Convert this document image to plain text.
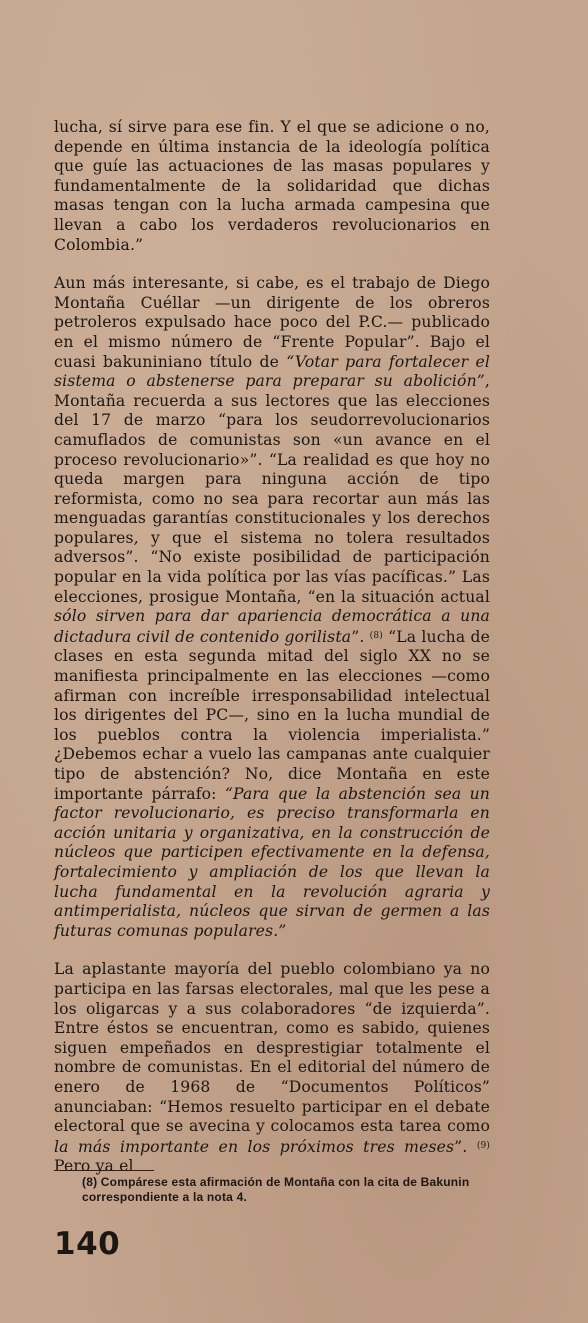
lucha, sí sirve para ese fin. Y el que se adicione o no, depende en última instancia de la ideología política que guíe las actuaciones de las masas populares y fundamentalmente de la solidaridad que dichas masas tengan con la lucha armada campesina que llevan a cabo los verdaderos revolucionarios en Colombia.”

Aun más interesante, si cabe, es el trabajo de Diego Montaña Cuéllar —un dirigente de los obreros petroleros expulsado hace poco del P.C.— publicado en el mismo número de “Frente Popular”. Bajo el cuasi bakuniniano título de “Votar para fortalecer el sistema o abstenerse para preparar su abolición”, Montaña recuerda a sus lectores que las elecciones del 17 de marzo “para los seudorrevolucionarios camuflados de comunistas son «un avance en el proceso revolucionario»”. “La realidad es que hoy no queda margen para ninguna acción de tipo reformista, como no sea para recortar aun más las menguadas garantías constitucionales y los derechos populares, y que el sistema no tolera resultados adversos”. “No existe posibilidad de participación popular en la vida política por las vías pacíficas.” Las elecciones, prosigue Montaña, “en la situación actual sólo sirven para dar apariencia democrática a una dictadura civil de contenido gorilista”. $^{(8)}$ “La lucha de clases en esta segunda mitad del siglo XX no se manifiesta principalmente en las elecciones —como afirman con increíble irresponsabilidad intelectual los dirigentes del PC—, sino en la lucha mundial de los pueblos contra la violencia imperialista.” ¿Debemos echar a vuelo las campanas ante cualquier tipo de abstención? No, dice Montaña en este importante párrafo: “Para que la abstención sea un factor revolucionario, es preciso transformarla en acción unitaria y organizativa, en la construcción de núcleos que participen efectivamente en la defensa, fortalecimiento y ampliación de los que llevan la lucha fundamental en la revolución agraria y antimperialista, núcleos que sirvan de germen a las futuras comunas populares.”

La aplastante mayoría del pueblo colombiano ya no participa en las farsas electorales, mal que les pese a los oligarcas y a sus colaboradores “de izquierda”. Entre éstos se encuentran, como es sabido, quienes siguen empeñados en desprestigiar totalmente el nombre de comunistas. En el editorial del número de enero de 1968 de “Documentos Políticos” anunciaban: “Hemos resuelto participar en el debate electoral que se avecina y colocamos esta tarea como la más importante en los próximos tres meses”. $^{(9)}$ Pero ya el

(8) Compárese esta afirmación de Montaña con la cita de Bakunin correspondiente a la nota 4.
140
